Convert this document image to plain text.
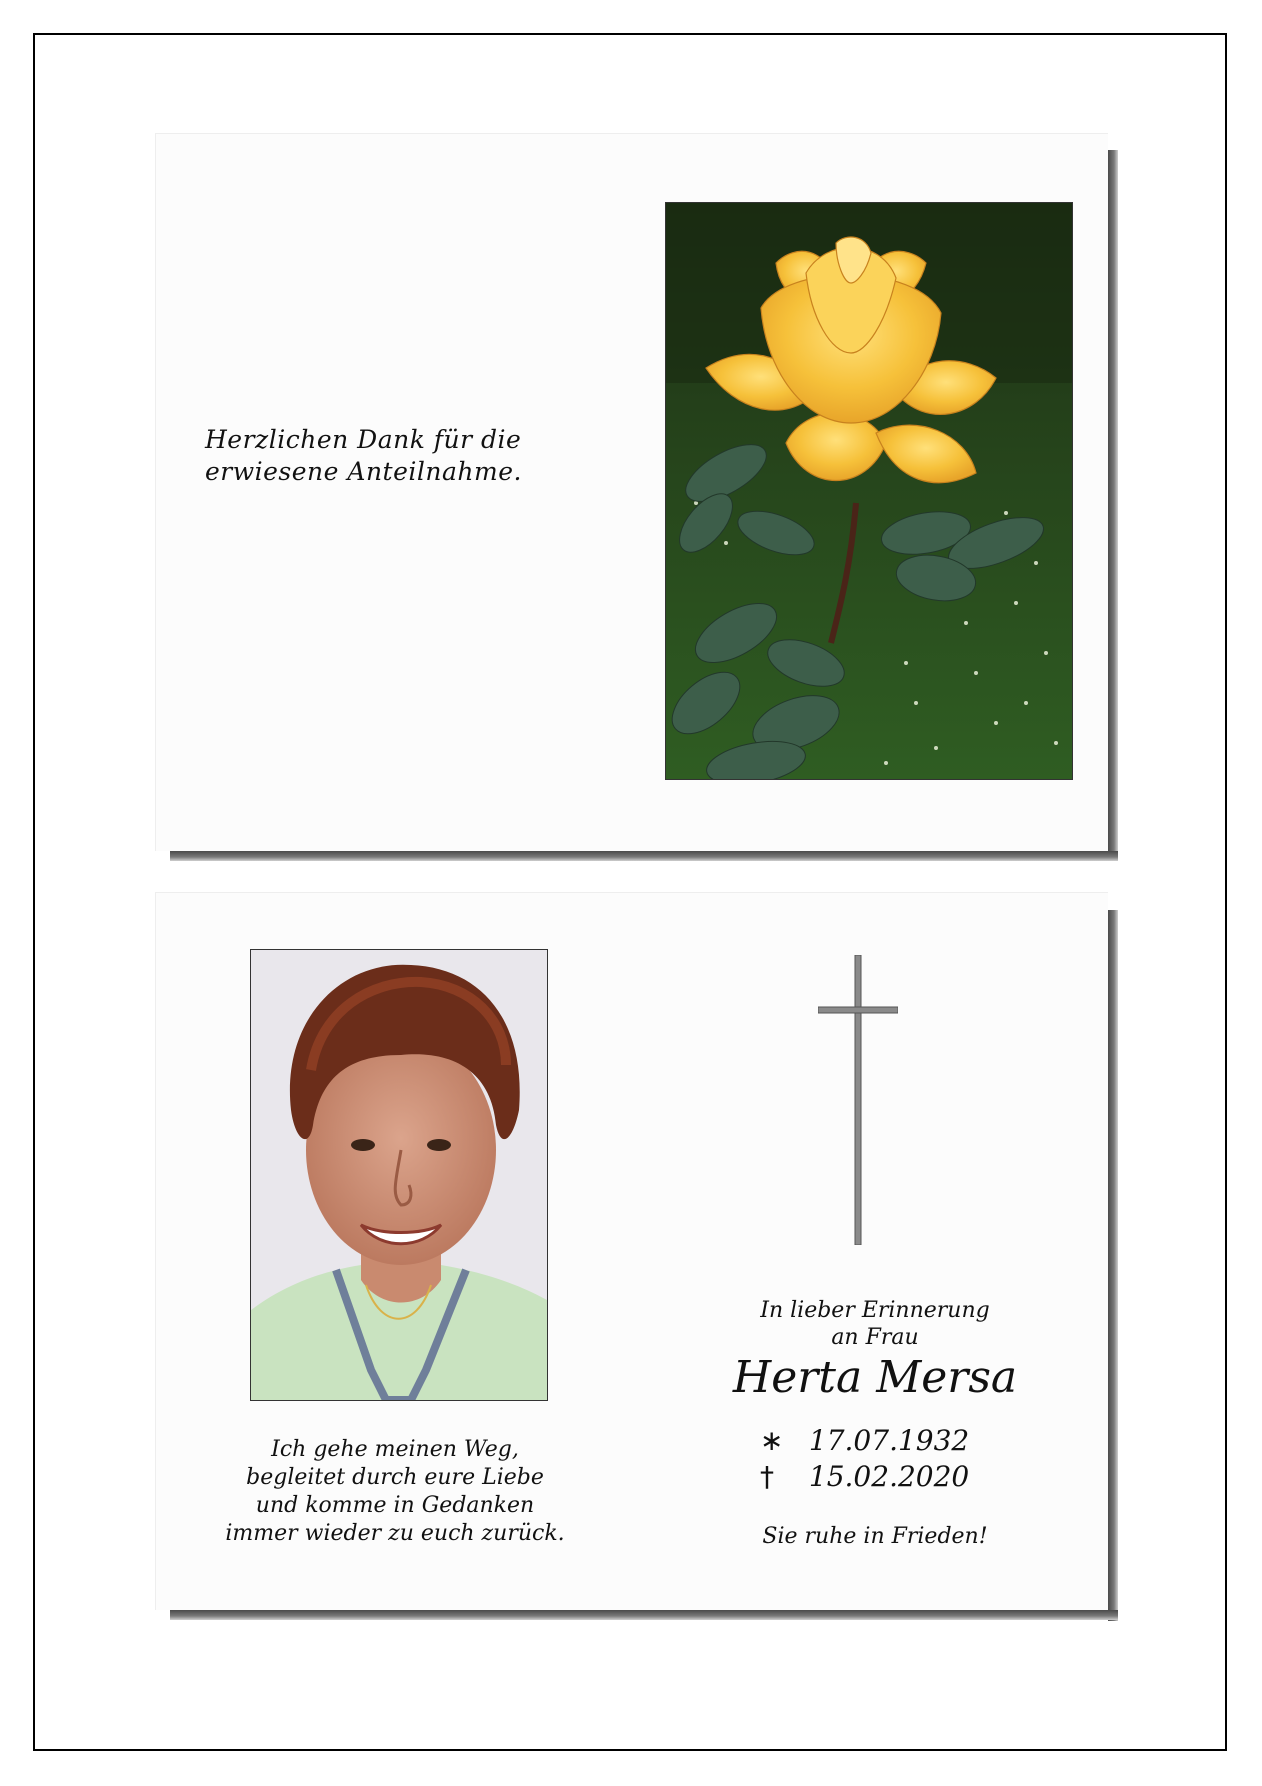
Herzlichen Dank für die
erwiesene Anteilnahme.
Ich gehe meinen Weg,
begleitet durch eure Liebe
und komme in Gedanken
immer wieder zu euch zurück.
In lieber Erinnerung
an Frau
Herta Mersa
∗ 17.07.1932
† 15.02.2020
Sie ruhe in Frieden!
